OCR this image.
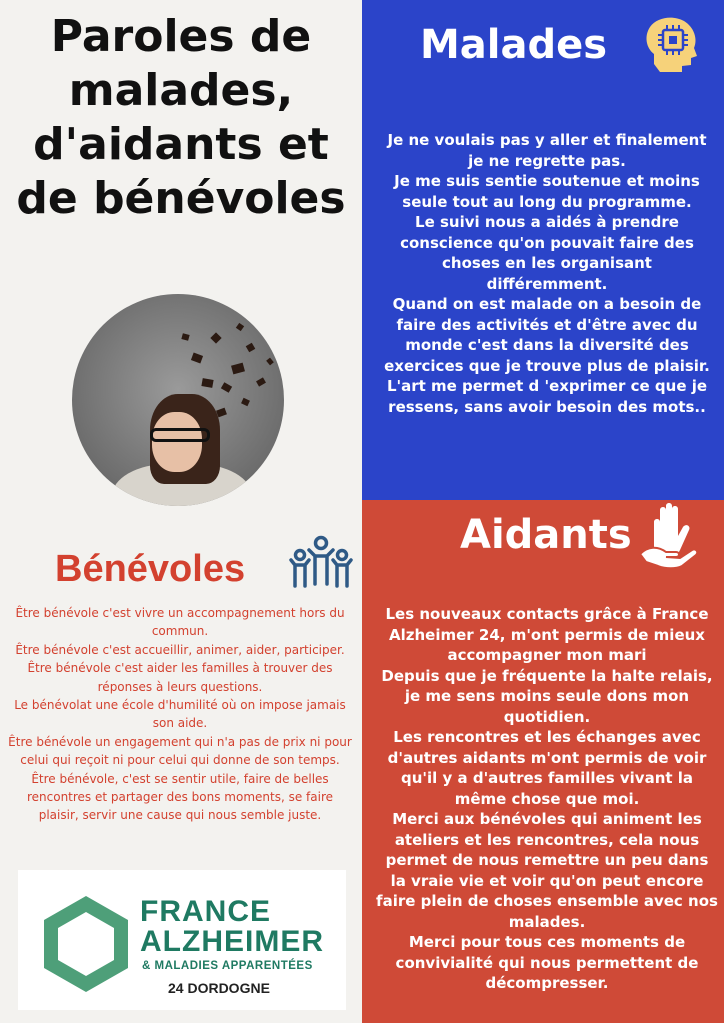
Paroles de malades, d'aidants et de bénévoles
Malades

Je ne voulais pas y aller et finalement je ne regrette pas.

Je me suis sentie soutenue et moins seule tout au long du programme.

Le suivi nous a aidés à prendre conscience qu'on pouvait faire des choses en les organisant différemment.

Quand on est malade on a besoin de faire des activités et d'être avec du monde c'est dans la diversité des exercices que je trouve plus de plaisir.

L'art me permet d 'exprimer ce que je ressens, sans avoir besoin des mots..

Aidants

Les nouveaux contacts grâce à France Alzheimer 24, m'ont permis de mieux accompagner mon mari

Depuis que je fréquente la halte relais, je me sens moins seule dons mon quotidien.

Les rencontres et les échanges avec d'autres aidants m'ont permis de voir qu'il y a d'autres familles vivant la même chose que moi.

Merci aux bénévoles qui animent les ateliers et les rencontres, cela nous permet de nous remettre un peu dans la vraie vie et voir qu'on peut encore faire plein de choses ensemble avec nos malades.

Merci pour tous ces moments de convivialité qui nous permettent de décompresser.

Bénévoles

Être bénévole c'est vivre un accompagnement hors du commun.

Être bénévole c'est accueillir, animer, aider, participer.

Être bénévole c'est aider les familles à trouver des réponses à leurs questions.

Le bénévolat une école d'humilité où on impose jamais son aide.

Être bénévole un engagement qui n'a pas de prix ni pour celui qui reçoit ni pour celui qui donne de son temps.

Être bénévole, c'est se sentir utile, faire de belles rencontres et partager des bons moments, se faire plaisir, servir une cause qui nous semble juste.

FRANCE
ALZHEIMER
& MALADIES APPARENTÉES
24 DORDOGNE
